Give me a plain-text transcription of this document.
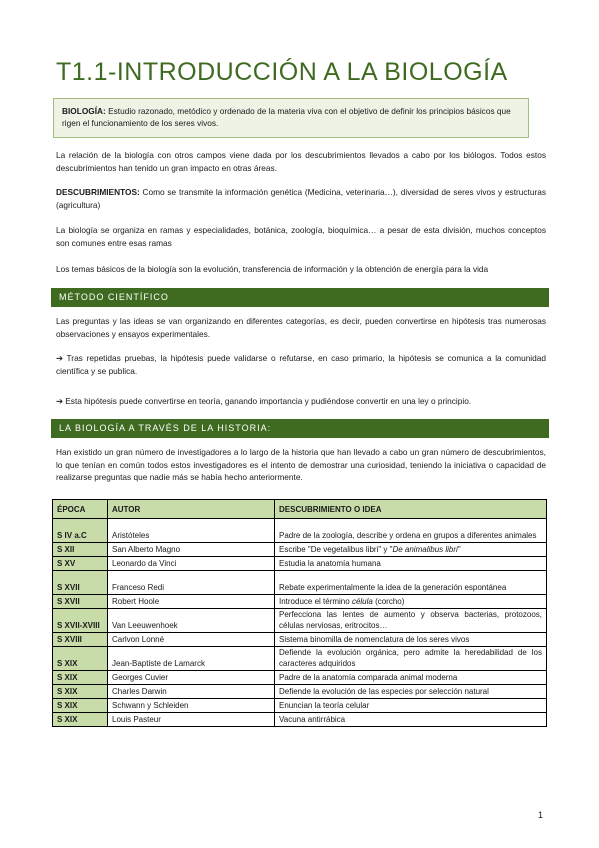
T1.1-INTRODUCCIÓN A LA BIOLOGÍA
BIOLOGÍA: Estudio razonado, metódico y ordenado de la materia viva con el objetivo de definir los principios básicos que rigen el funcionamiento de los seres vivos.
La relación de la biología con otros campos viene dada por los descubrimientos llevados a cabo por los biólogos. Todos estos descubrimientos han tenido un gran impacto en otras áreas.
DESCUBRIMIENTOS: Como se transmite la información genética (Medicina, veterinaria…), diversidad de seres vivos y estructuras (agricultura)
La biología se organiza en ramas y especialidades, botánica, zoología, bioquímica… a pesar de esta división, muchos conceptos son comunes entre esas ramas
Los temas básicos de la biología son la evolución, transferencia de información y la obtención de energía para la vida
MÉTODO CIENTÍFICO
Las preguntas y las ideas se van organizando en diferentes categorías, es decir, pueden convertirse en hipótesis tras numerosas observaciones y ensayos experimentales.
➔ Tras repetidas pruebas, la hipótesis puede validarse o refutarse, en caso primario, la hipótesis se comunica a la comunidad científica y se publica.
➔ Esta hipótesis puede convertirse en teoría, ganando importancia y pudiéndose convertir en una ley o principio.
LA BIOLOGÍA A TRAVÉS DE LA HISTORIA:
Han existido un gran número de investigadores a lo largo de la historia que han llevado a cabo un gran número de descubrimientos, lo que tenían en común todos estos investigadores es el intento de demostrar una curiosidad, teniendo la iniciativa o capacidad de realizarse preguntas que nadie más se había hecho anteriormente.
ÉPOCA	AUTOR	DESCUBRIMIENTO O IDEA
S IV a.C	Aristóteles	Padre de la zoología, describe y ordena en grupos a diferentes animales
S XII	San Alberto Magno	Escribe "De vegetalibus libri" y "De animalibus libri"
S XV	Leonardo da Vinci	Estudia la anatomía humana
S XVII	Franceso Redi	Rebate experimentalmente la idea de la generación espontánea
S XVII	Robert Hoole	Introduce el término célula (corcho)
S XVII-XVIII	Van Leeuwenhoek	Perfecciona las lentes de aumento y observa bacterias, protozoos, células nerviosas, eritrocitos…
S XVIII	Carlvon Lonné	Sistema binomilla de nomenclatura de los seres vivos
S XIX	Jean-Baptiste de Lamarck	Defiende la evolución orgánica, pero admite la heredabilidad de los caracteres adquiridos
S XIX	Georges Cuvier	Padre de la anatomía comparada animal moderna
S XIX	Charles Darwin	Defiende la evolución de las especies por selección natural
S XIX	Schwann y Schleiden	Enuncian la teoría celular
S XIX	Louis Pasteur	Vacuna antirrábica
1
